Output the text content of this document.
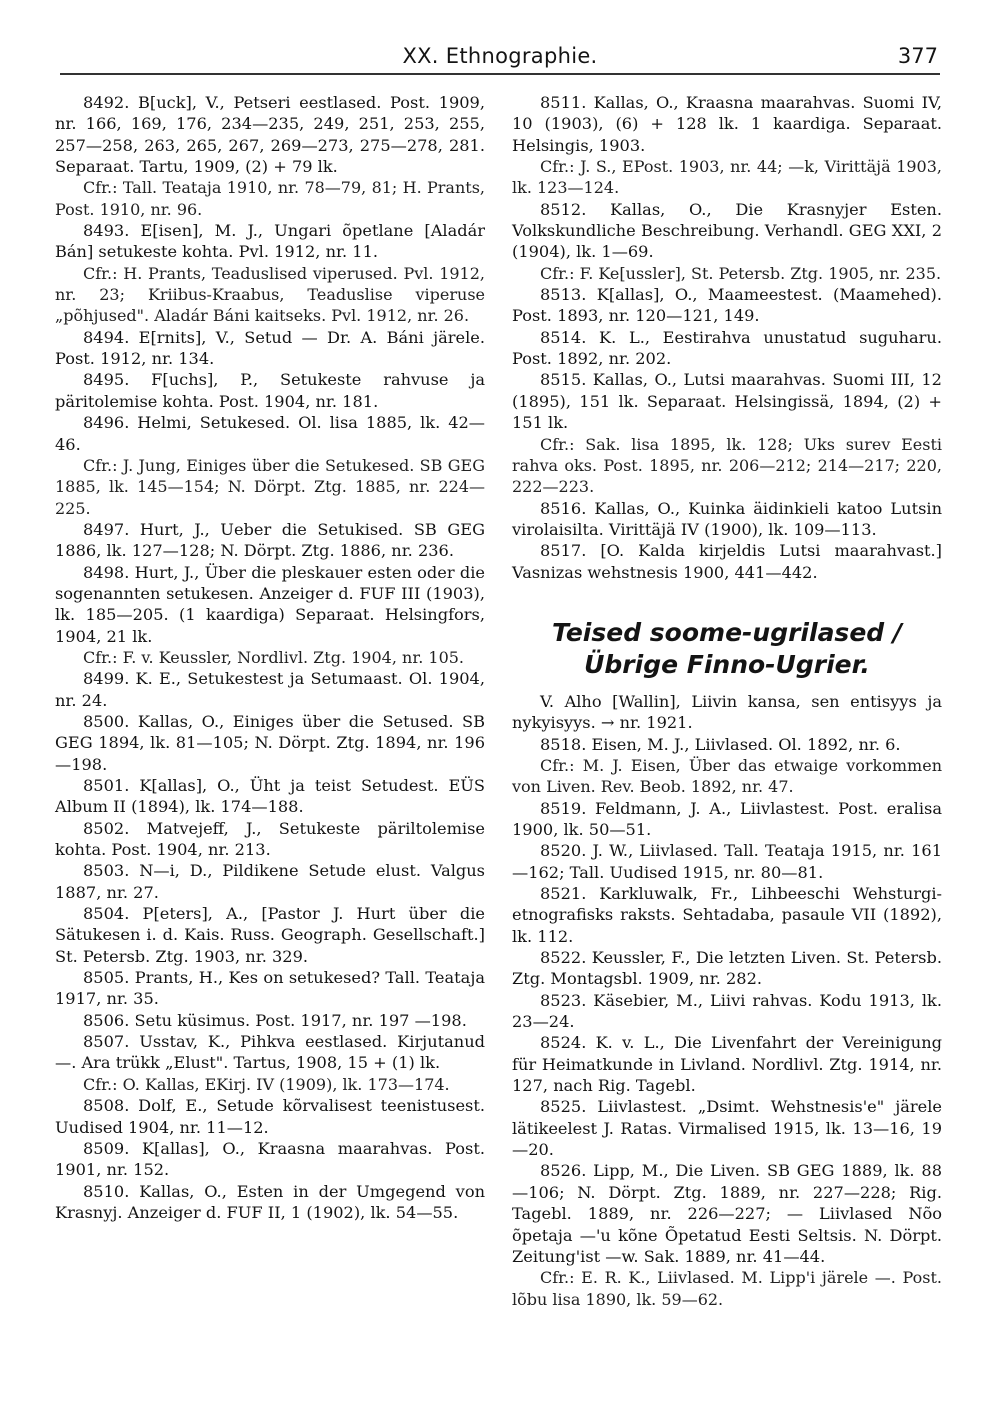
XX. Ethnographie.	377

8492. B[uck], V., Petseri eestlased. Post. 1909, nr. 166, 169, 176, 234—235, 249, 251, 253, 255, 257—258, 263, 265, 267, 269—273, 275—278, 281. Separaat. Tartu, 1909, (2) + 79 lk.

Cfr.: Tall. Teataja 1910, nr. 78—79, 81; H. Prants, Post. 1910, nr. 96.

8493. E[isen], M. J., Ungari õpetlane [Aladár Bán] setukeste kohta. Pvl. 1912, nr. 11.

Cfr.: H. Prants, Teaduslised viperused. Pvl. 1912, nr. 23; Kriibus-Kraabus, Teaduslise viperuse „põhjused". Aladár Báni kaitseks. Pvl. 1912, nr. 26.

8494. E[rnits], V., Setud — Dr. A. Báni järele. Post. 1912, nr. 134.

8495. F[uchs], P., Setukeste rahvuse ja päritolemise kohta. Post. 1904, nr. 181.

8496. Helmi, Setukesed. Ol. lisa 1885, lk. 42—46.

Cfr.: J. Jung, Einiges über die Setukesed. SB GEG 1885, lk. 145—154; N. Dörpt. Ztg. 1885, nr. 224—225.

8497. Hurt, J., Ueber die Setukised. SB GEG 1886, lk. 127—128; N. Dörpt. Ztg. 1886, nr. 236.

8498. Hurt, J., Über die pleskauer esten oder die sogenannten setukesen. Anzeiger d. FUF III (1903), lk. 185—205. (1 kaardiga) Separaat. Helsingfors, 1904, 21 lk.

Cfr.: F. v. Keussler, Nordlivl. Ztg. 1904, nr. 105.

8499. K. E., Setukestest ja Setumaast. Ol. 1904, nr. 24.

8500. Kallas, O., Einiges über die Setused. SB GEG 1894, lk. 81—105; N. Dörpt. Ztg. 1894, nr. 196—198.

8501. K[allas], O., Üht ja teist Setudest. EÜS Album II (1894), lk. 174—188.

8502. Matvejeff, J., Setukeste päriltolemise kohta. Post. 1904, nr. 213.

8503. N—i, D., Pildikene Setude elust. Valgus 1887, nr. 27.

8504. P[eters], A., [Pastor J. Hurt über die Sätukesen i. d. Kais. Russ. Geograph. Gesellschaft.] St. Petersb. Ztg. 1903, nr. 329.

8505. Prants, H., Kes on setukesed? Tall. Teataja 1917, nr. 35.

8506. Setu küsimus. Post. 1917, nr. 197 —198.

8507. Usstav, K., Pihkva eestlased. Kirjutanud —. Ara trükk „Elust". Tartus, 1908, 15 + (1) lk.

Cfr.: O. Kallas, EKirj. IV (1909), lk. 173—174.

8508. Dolf, E., Setude kõrvalisest teenistusest. Uudised 1904, nr. 11—12.

8509. K[allas], O., Kraasna maarahvas. Post. 1901, nr. 152.

8510. Kallas, O., Esten in der Umgegend von Krasnyj. Anzeiger d. FUF II, 1 (1902), lk. 54—55.

8511. Kallas, O., Kraasna maarahvas. Suomi IV, 10 (1903), (6) + 128 lk. 1 kaardiga. Separaat. Helsingis, 1903.

Cfr.: J. S., EPost. 1903, nr. 44; —k, Virittäjä 1903, lk. 123—124.

8512. Kallas, O., Die Krasnyjer Esten. Volkskundliche Beschreibung. Verhandl. GEG XXI, 2 (1904), lk. 1—69.

Cfr.: F. Ke[ussler], St. Petersb. Ztg. 1905, nr. 235.

8513. K[allas], O., Maameestest. (Maamehed). Post. 1893, nr. 120—121, 149.

8514. K. L., Eestirahva unustatud suguharu. Post. 1892, nr. 202.

8515. Kallas, O., Lutsi maarahvas. Suomi III, 12 (1895), 151 lk. Separaat. Helsingissä, 1894, (2) + 151 lk.

Cfr.: Sak. lisa 1895, lk. 128; Uks surev Eesti rahva oks. Post. 1895, nr. 206—212; 214—217; 220, 222—223.

8516. Kallas, O., Kuinka äidinkieli katoo Lutsin virolaisilta. Virittäjä IV (1900), lk. 109—113.

8517. [O. Kalda kirjeldis Lutsi maarahvast.] Vasnizas wehstnesis 1900, 441—442.

Teised soome-ugrilased / Übrige Finno-Ugrier.

V. Alho [Wallin], Liivin kansa, sen entisyys ja nykyisyys. → nr. 1921.

8518. Eisen, M. J., Liivlased. Ol. 1892, nr. 6.

Cfr.: M. J. Eisen, Über das etwaige vorkommen von Liven. Rev. Beob. 1892, nr. 47.

8519. Feldmann, J. A., Liivlastest. Post. eralisa 1900, lk. 50—51.

8520. J. W., Liivlased. Tall. Teataja 1915, nr. 161—162; Tall. Uudised 1915, nr. 80—81.

8521. Karkluwalk, Fr., Lihbeeschi Wehsturgi-etnografisks raksts. Sehtadaba, pasaule VII (1892), lk. 112.

8522. Keussler, F., Die letzten Liven. St. Petersb. Ztg. Montagsbl. 1909, nr. 282.

8523. Käsebier, M., Liivi rahvas. Kodu 1913, lk. 23—24.

8524. K. v. L., Die Livenfahrt der Vereinigung für Heimatkunde in Livland. Nordlivl. Ztg. 1914, nr. 127, nach Rig. Tagebl.

8525. Liivlastest. „Dsimt. Wehstnesis'e" järele lätikeelest J. Ratas. Virmalised 1915, lk. 13—16, 19—20.

8526. Lipp, M., Die Liven. SB GEG 1889, lk. 88—106; N. Dörpt. Ztg. 1889, nr. 227—228; Rig. Tagebl. 1889, nr. 226—227; — Liivlased Nõo õpetaja —'u kõne Õpetatud Eesti Seltsis. N. Dörpt. Zeitung'ist —w. Sak. 1889, nr. 41—44.

Cfr.: E. R. K., Liivlased. M. Lipp'i järele —. Post. lõbu lisa 1890, lk. 59—62.
